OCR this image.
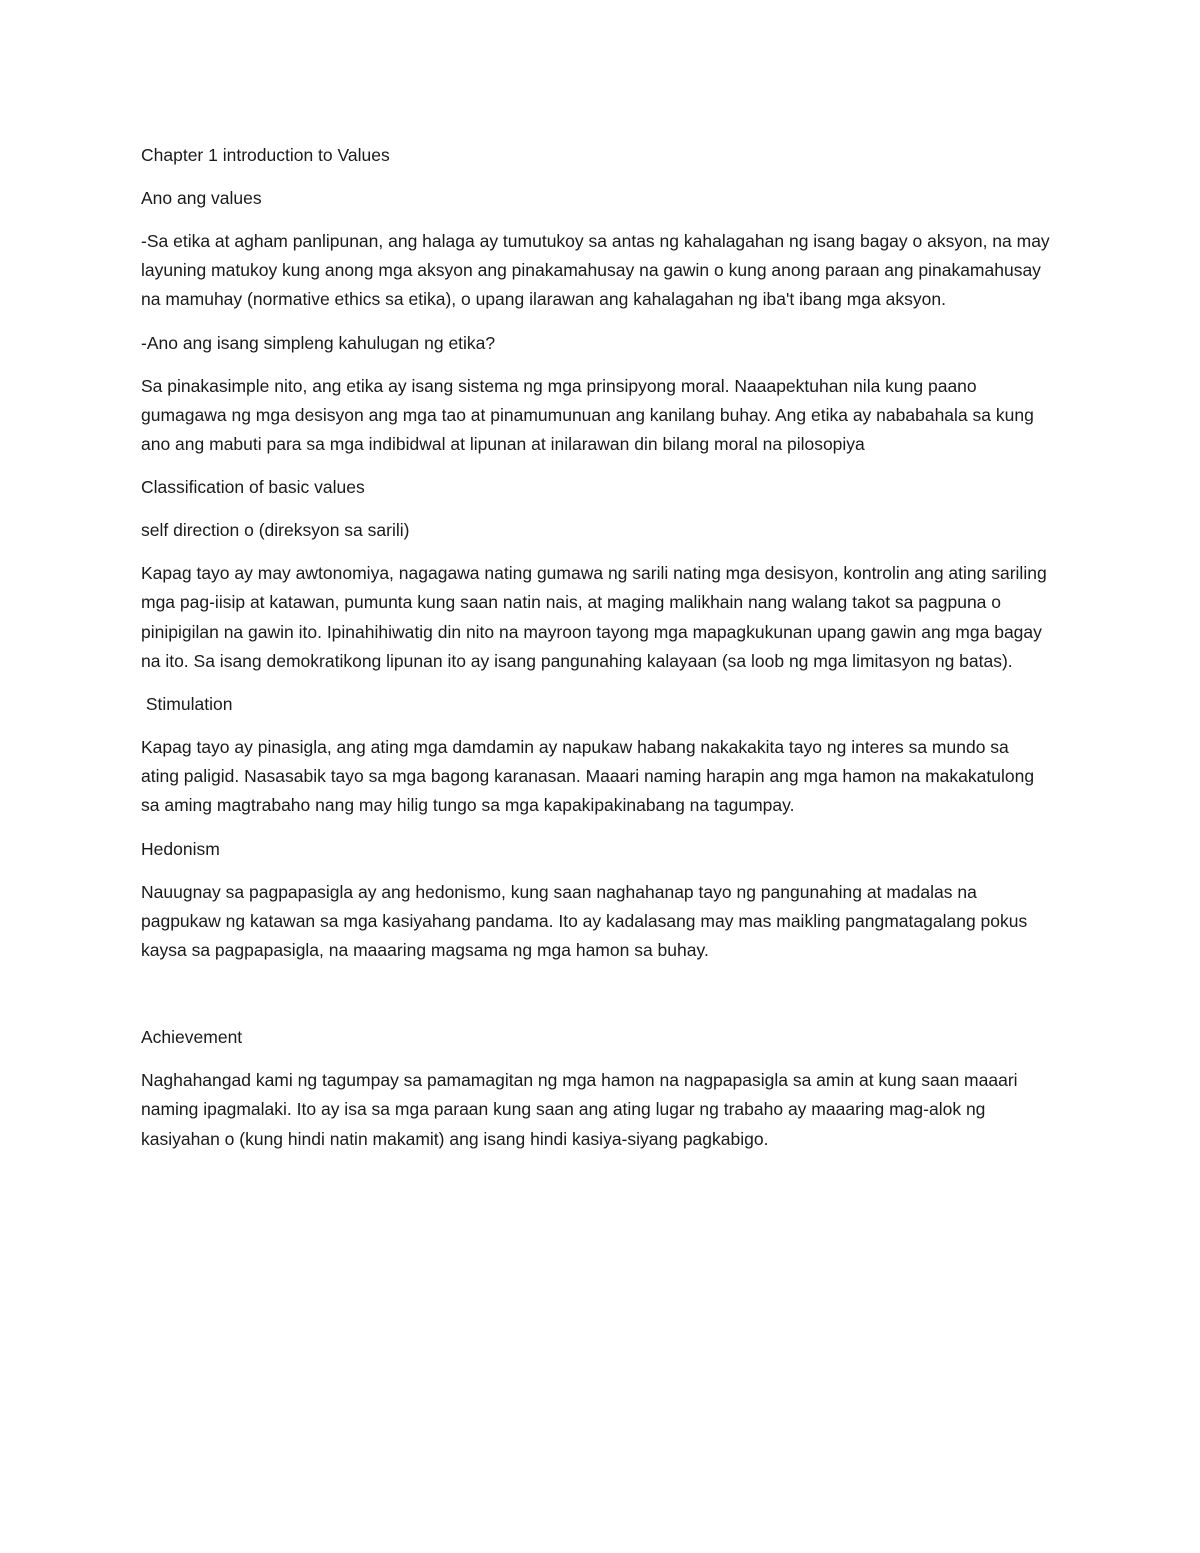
Chapter 1 introduction to Values

Ano ang values

-Sa etika at agham panlipunan, ang halaga ay tumutukoy sa antas ng kahalagahan ng isang bagay o aksyon, na may layuning matukoy kung anong mga aksyon ang pinakamahusay na gawin o kung anong paraan ang pinakamahusay na mamuhay (normative ethics sa etika), o upang ilarawan ang kahalagahan ng iba't ibang mga aksyon.

-Ano ang isang simpleng kahulugan ng etika?

Sa pinakasimple nito, ang etika ay isang sistema ng mga prinsipyong moral. Naaapektuhan nila kung paano gumagawa ng mga desisyon ang mga tao at pinamumunuan ang kanilang buhay. Ang etika ay nababahala sa kung ano ang mabuti para sa mga indibidwal at lipunan at inilarawan din bilang moral na pilosopiya

Classification of basic values

self direction o (direksyon sa sarili)

Kapag tayo ay may awtonomiya, nagagawa nating gumawa ng sarili nating mga desisyon, kontrolin ang ating sariling mga pag-iisip at katawan, pumunta kung saan natin nais, at maging malikhain nang walang takot sa pagpuna o pinipigilan na gawin ito. Ipinahihiwatig din nito na mayroon tayong mga mapagkukunan upang gawin ang mga bagay na ito. Sa isang demokratikong lipunan ito ay isang pangunahing kalayaan (sa loob ng mga limitasyon ng batas).

Stimulation

Kapag tayo ay pinasigla, ang ating mga damdamin ay napukaw habang nakakakita tayo ng interes sa mundo sa ating paligid. Nasasabik tayo sa mga bagong karanasan. Maaari naming harapin ang mga hamon na makakatulong sa aming magtrabaho nang may hilig tungo sa mga kapakipakinabang na tagumpay.

Hedonism

Nauugnay sa pagpapasigla ay ang hedonismo, kung saan naghahanap tayo ng pangunahing at madalas na pagpukaw ng katawan sa mga kasiyahang pandama. Ito ay kadalasang may mas maikling pangmatagalang pokus kaysa sa pagpapasigla, na maaaring magsama ng mga hamon sa buhay.

Achievement

Naghahangad kami ng tagumpay sa pamamagitan ng mga hamon na nagpapasigla sa amin at kung saan maaari naming ipagmalaki. Ito ay isa sa mga paraan kung saan ang ating lugar ng trabaho ay maaaring mag-alok ng kasiyahan o (kung hindi natin makamit) ang isang hindi kasiya-siyang pagkabigo.
